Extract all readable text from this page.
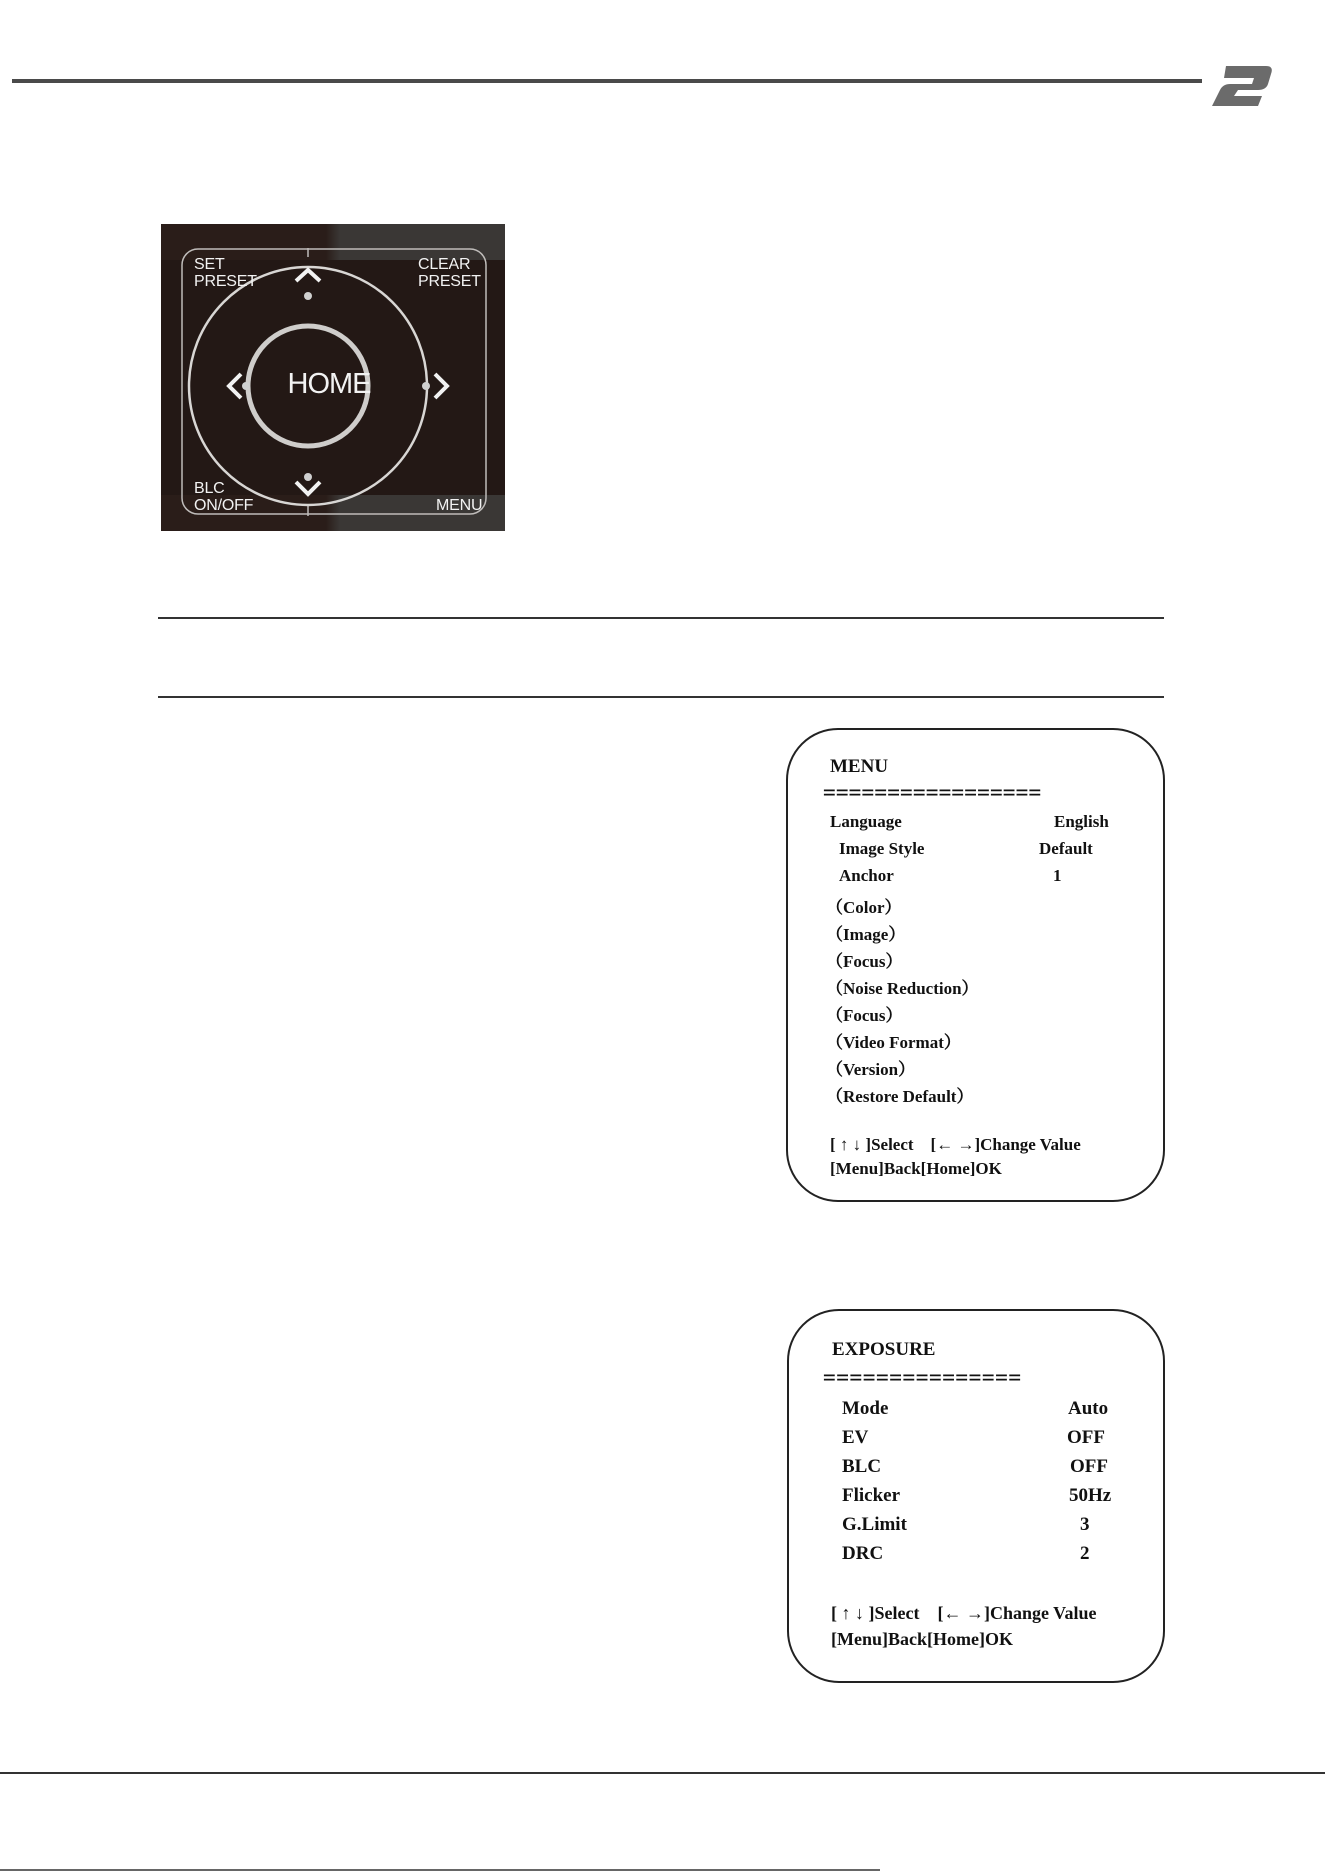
SET
PRESET
CLEAR
PRESET
HOME
BLC
ON/OFF	MENU
MENU
=================
Language	English
Image Style	Default
Anchor	1
（Color）
（Image）
（Focus）
（Noise Reduction）
（Focus）
（Video Format）
（Version）
（Restore Default）
[ ↑ ↓ ]Select    [← →]Change Value
[Menu]Back[Home]OK
EXPOSURE
===============
Mode	Auto
EV	OFF
BLC	OFF
Flicker	50Hz
G.Limit	3
DRC	2
[ ↑ ↓ ]Select    [← →]Change Value
[Menu]Back[Home]OK
